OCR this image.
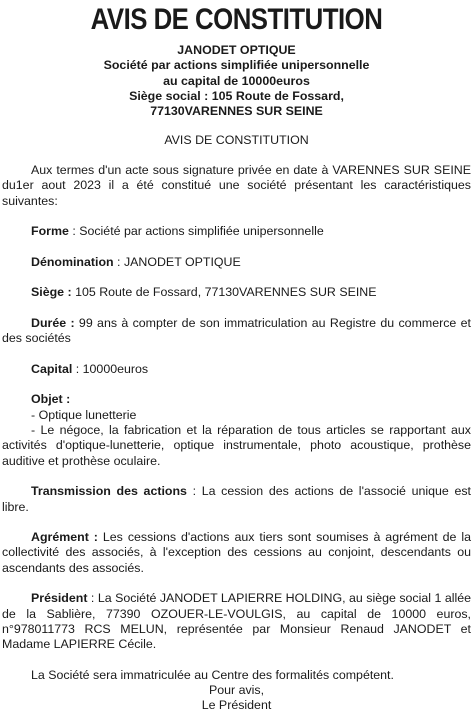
AVIS DE CONSTITUTION
JANODET OPTIQUE
Société par actions simplifiée unipersonnelle
au capital de 10000euros
Siège social : 105 Route de Fossard,
77130VARENNES SUR SEINE
AVIS DE CONSTITUTION

Aux termes d'un acte sous signature privée en date à VARENNES SUR SEINE du1er aout 2023 il a été constitué une société présentant les caractéristiques suivantes:

Forme : Société par actions simplifiée unipersonnelle

Dénomination : JANODET OPTIQUE

Siège : 105 Route de Fossard, 77130VARENNES SUR SEINE

Durée : 99 ans à compter de son immatriculation au Registre du commerce et des sociétés

Capital : 10000euros

Objet :

- Optique lunetterie

- Le négoce, la fabrication et la réparation de tous articles se rapportant aux activités d'optique-lunetterie, optique instrumentale, photo acoustique, prothèse auditive et prothèse oculaire.

Transmission des actions : La cession des actions de l'associé unique est libre.

Agrément : Les cessions d'actions aux tiers sont soumises à agrément de la collectivité des associés, à l'exception des cessions au conjoint, descendants ou ascendants des associés.

Président : La Société JANODET LAPIERRE HOLDING, au siège social 1 allée de la Sablière, 77390 OZOUER-LE-VOULGIS, au capital de 10000 euros, n°978011773 RCS MELUN, représentée par Monsieur Renaud JANODET et Madame LAPIERRE Cécile.

La Société sera immatriculée au Centre des formalités compétent.

Pour avis,

Le Président
